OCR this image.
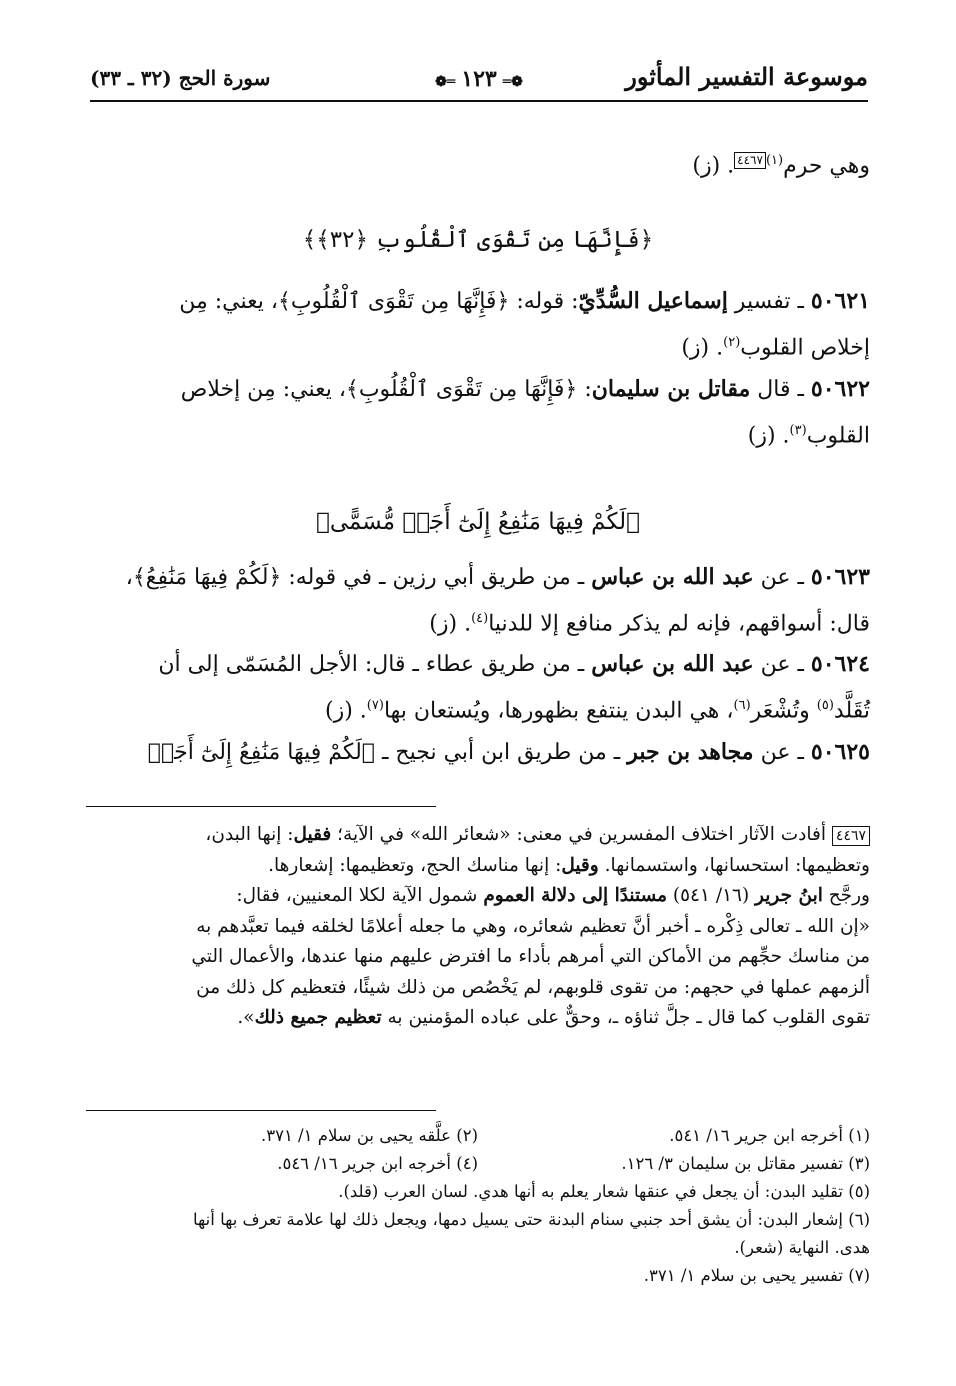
موسوعة التفسير المأثور
❁═١٢٣═❁
سورة الحج (٣٢ ـ ٣٣)

وهي حرم$^{(١)}$٤٤٦٧. (ز)

﴿فَإِنَّهَا مِن تَقْوَى ٱلْقُلُوبِ ﴿٣٢﴾﴾

٥٠٦٢١ ـ تفسير إسماعيل السُّدِّيّ: قوله: ﴿فَإِنَّهَا مِن تَقْوَى ٱلْقُلُوبِ﴾، يعني: مِن

إخلاص القلوب$^{(٢)}$. (ز)

٥٠٦٢٢ ـ قال مقاتل بن سليمان: ﴿فَإِنَّهَا مِن تَقْوَى ٱلْقُلُوبِ﴾، يعني: مِن إخلاص

القلوب$^{(٣)}$. (ز)

﴿لَكُمْ فِيهَا مَنَٰفِعُ إِلَىٰٓ أَجَلٖ مُّسَمًّى﴾

٥٠٦٢٣ ـ عن عبد الله بن عباس ـ من طريق أبي رزين ـ في قوله: ﴿لَكُمْ فِيهَا مَنَٰفِعُ﴾،

قال: أسواقهم، فإنه لم يذكر منافع إلا للدنيا$^{(٤)}$. (ز)

٥٠٦٢٤ ـ عن عبد الله بن عباس ـ من طريق عطاء ـ قال: الأجل المُسَمّى إلى أن

تُقَلَّد$^{(٥)}$ وتُشْعَر$^{(٦)}$، هي البدن ينتفع بظهورها، ويُستعان بها$^{(٧)}$. (ز)

٥٠٦٢٥ ـ عن مجاهد بن جبر ـ من طريق ابن أبي نجيح ـ ﴿لَكُمْ فِيهَا مَنَٰفِعُ إِلَىٰٓ أَجَلٖ

٤٤٦٧ أفادت الآثار اختلاف المفسرين في معنى: «شعائر الله» في الآية؛ فقيل: إنها البدن،

وتعظيمها: استحسانها، واستسمانها. وقيل: إنها مناسك الحج، وتعظيمها: إشعارها.

ورجَّح ابنُ جرير (١٦/ ٥٤١) مستندًا إلى دلالة العموم شمول الآية لكلا المعنيين، فقال:

«إن الله ـ تعالى ذِكْره ـ أخبر أنَّ تعظيم شعائره، وهي ما جعله أعلامًا لخلقه فيما تعبَّدهم به

من مناسك حجِّهم من الأماكن التي أمرهم بأداء ما افترض عليهم منها عندها، والأعمال التي

ألزمهم عملها في حجهم: من تقوى قلوبهم، لم يَخْصُص من ذلك شيئًا، فتعظيم كل ذلك من

تقوى القلوب كما قال ـ جلَّ ثناؤه ـ، وحقٌّ على عباده المؤمنين به تعظيم جميع ذلك».

(١) أخرجه ابن جرير ١٦/ ٥٤١.
(٢) علَّقه يحيى بن سلام ١/ ٣٧١.
(٣) تفسير مقاتل بن سليمان ٣/ ١٢٦.
(٤) أخرجه ابن جرير ١٦/ ٥٤٦.

(٥) تقليد البدن: أن يجعل في عنقها شعار يعلم به أنها هدي. لسان العرب (قلد).

(٦) إشعار البدن: أن يشق أحد جنبي سنام البدنة حتى يسيل دمها، ويجعل ذلك لها علامة تعرف بها أنها

هدى. النهاية (شعر).

(٧) تفسير يحيى بن سلام ١/ ٣٧١.
